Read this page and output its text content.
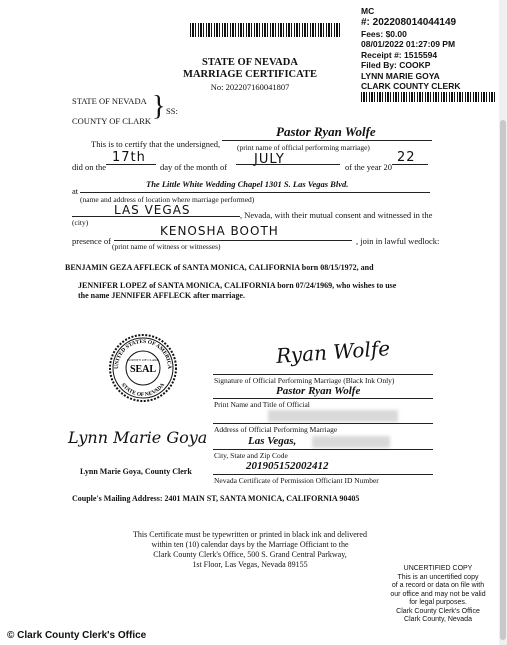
MC
#: 20220801404414​9
Fees: $0.00
08/01/2022 01:27:09 PM
Receipt #: 1515594
Filed By: COOKP
LYNN MARIE GOYA
CLARK COUNTY CLERK
STATE OF NEVADA
MARRIAGE CERTIFICATE
No: 2022071600418​07
STATE OF NEVADA
COUNTY OF CLARK } SS:
This is to certify that the undersigned,
Pastor Ryan Wolfe
(print name of official performing marriage)
did on the
17th
day of the month of JULY	of the year 20
22
at
The Little White Wedding Chapel 1301 S. Las Vegas Blvd.
(name and address of location where marriage performed)
LAS VEGAS	, Nevada, with their mutual consent and witnessed in the
(city)
presence of
KENOSHA BOOTH
, join in lawful wedlock:
(print name of witness or witnesses)
BENJAMIN GEZA AFFLECK of SANTA MONICA, CALIFORNIA born 08/15/1972, and
JENNIFER LOPEZ of SANTA MONICA, CALIFORNIA born 07/24/1969, who wishes to use
the name JENNIFER AFFLECK after marriage.
UNITED STATES OF AMERICA
STATE OF NEVADA
SEAL
COUNTY OF CLARK	Ryan Wolfe
Signature of Official Performing Marriage (Black Ink Only)
Pastor Ryan Wolfe
Print Name and Title of Official
Address of Official Performing Marriage
Las Vegas,
City, State and Zip Code
201905152002412
Nevada Certificate of Permission Officiant ID Number
Lynn Marie Goya
Lynn Marie Goya, County Clerk
Couple's Mailing Address: 2401 MAIN ST, SANTA MONICA, CALIFORNIA 90405
This Certificate must be typewritten or printed in black ink and delivered
within ten (10) calendar days by the Marriage Officiant to the
Clark County Clerk's Office, 500 S. Grand Central Parkway,
1st Floor, Las Vegas, Nevada 89155	UNCERTIFIED COPY
This is an uncertified copy
of a record or data on file with
our office and may not be valid
for legal purposes.
Clark County Clerk's Office
Clark County, Nevada
© Clark County Clerk's Office
